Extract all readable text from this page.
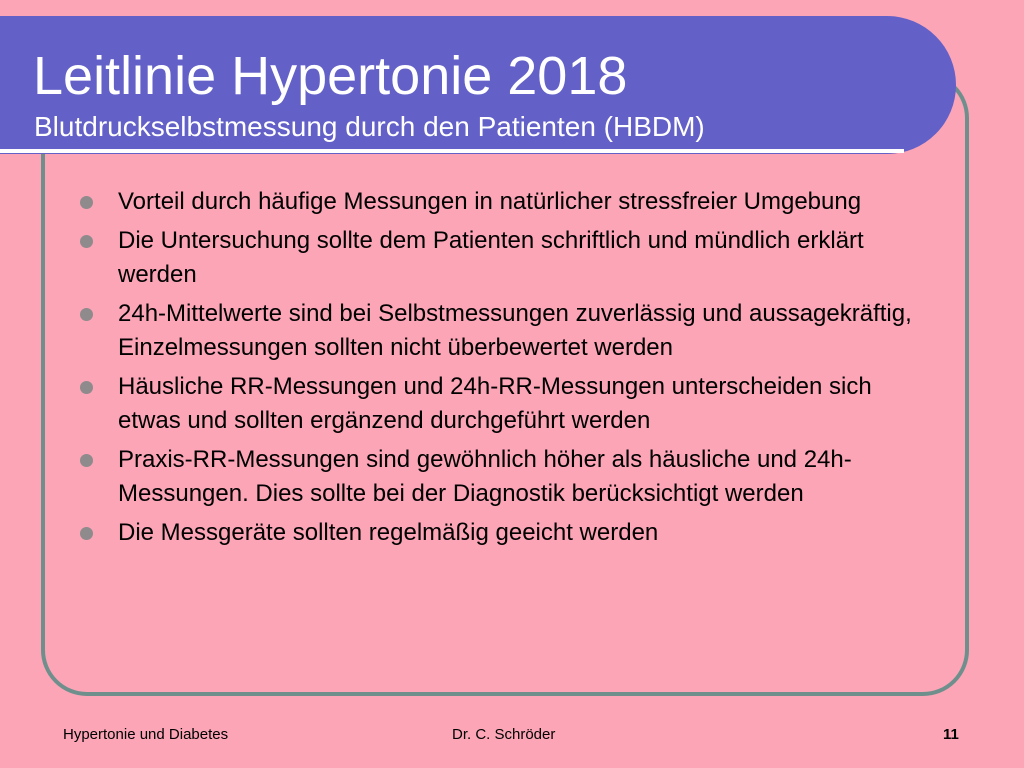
Leitlinie Hypertonie 2018
Blutdruckselbstmessung durch den Patienten (HBDM)
Vorteil durch häufige Messungen in natürlicher stressfreier Umgebung
Die Untersuchung sollte dem Patienten schriftlich und mündlich erklärt werden
24h-Mittelwerte sind bei Selbstmessungen zuverlässig und aussagekräftig, Einzelmessungen sollten nicht überbewertet werden
Häusliche RR-Messungen und 24h-RR-Messungen unterscheiden sich etwas und sollten ergänzend durchgeführt werden
Praxis-RR-Messungen sind gewöhnlich höher als häusliche und 24h-Messungen. Dies sollte bei der Diagnostik berücksichtigt werden
Die Messgeräte sollten regelmäßig geeicht werden
Hypertonie und Diabetes	Dr. C. Schröder	11
